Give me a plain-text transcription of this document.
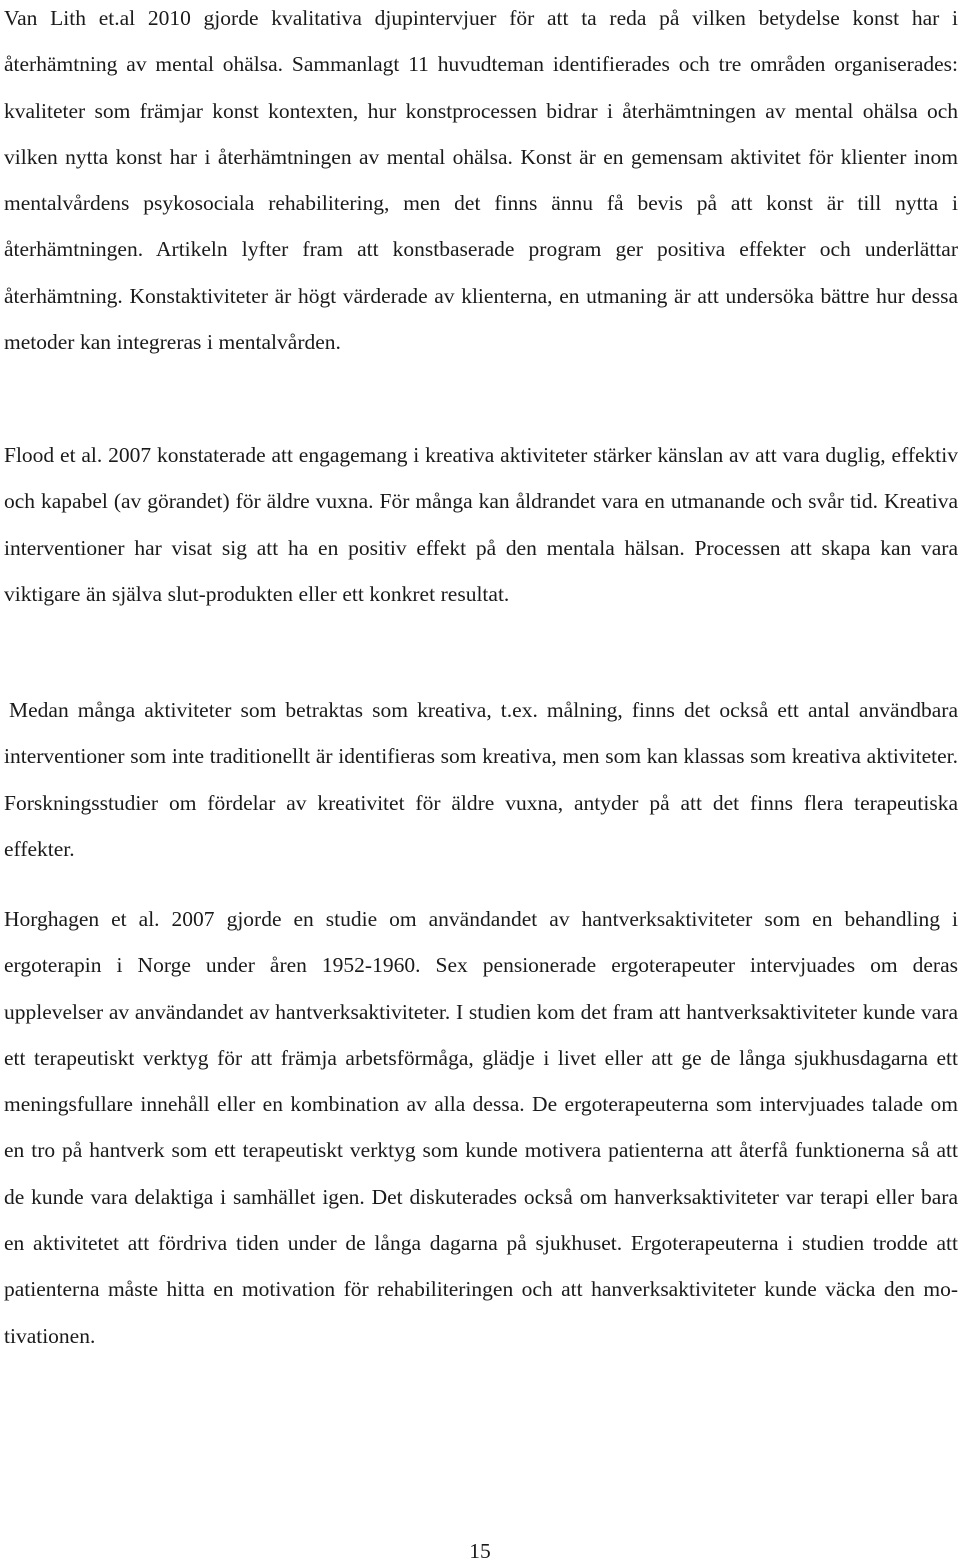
Van Lith et.al 2010 gjorde kvalitativa djupintervjuer för att ta reda på vilken betydelse konst har i återhämtning av mental ohälsa. Sammanlagt 11 huvudteman identifierades och tre områden organiserades: kvaliteter som främjar konst kontexten, hur konstprocessen bidrar i återhämtningen av mental ohälsa och vilken nytta konst har i återhämtningen av mental ohälsa. Konst är en gemensam aktivitet för klienter inom mentalvårdens psykosociala rehabilitering, men det finns ännu få bevis på att konst är till nytta i återhämtningen. Artikeln lyfter fram att konstbaserade program ger positiva effekter och underlättar återhämtning. Konstaktiviteter är högt värderade av klienterna, en utmaning är att undersöka bättre hur dessa metoder kan integreras i mentalvården.

Flood et al. 2007 konstaterade att engagemang i kreativa aktiviteter stärker känslan av att vara duglig, effektiv och kapabel (av görandet) för äldre vuxna. För många kan åldrandet vara en utmanande och svår tid. Kreativa interventioner har visat sig att ha en positiv effekt på den mentala hälsan. Processen att skapa kan vara viktigare än själva slut-produkten eller ett konkret resultat.

Medan många aktiviteter som betraktas som kreativa, t.ex. målning, finns det också ett antal användbara interventioner som inte traditionellt är identifieras som kreativa, men som kan klassas som kreativa aktiviteter. Forskningsstudier om fördelar av kreativitet för äldre vuxna, antyder på att det finns flera terapeutiska effekter.

Horghagen et al. 2007 gjorde en studie om användandet av hantverksaktiviteter som en behandling i ergoterapin i Norge under åren 1952-1960. Sex pensionerade ergoterapeuter intervjuades om deras upplevelser av användandet av hantverksaktiviteter. I studien kom det fram att hantverksaktiviteter kunde vara ett terapeutiskt verktyg för att främja arbetsförmåga, glädje i livet eller att ge de långa sjukhusdagarna ett meningsfullare innehåll eller en kombination av alla dessa. De ergoterapeuterna som intervjuades talade om en tro på hantverk som ett terapeutiskt verktyg som kunde motivera patienterna att återfå funktionerna så att de kunde vara delaktiga i samhället igen. Det diskuterades också om hanverksaktiviteter var terapi eller bara en aktivitetet att fördriva tiden under de långa dagarna på sjukhuset. Ergoterapeuterna i studien trodde att patienterna måste hitta en motivation för rehabiliteringen och att hanverksaktiviteter kunde väcka den motivationen.

15
